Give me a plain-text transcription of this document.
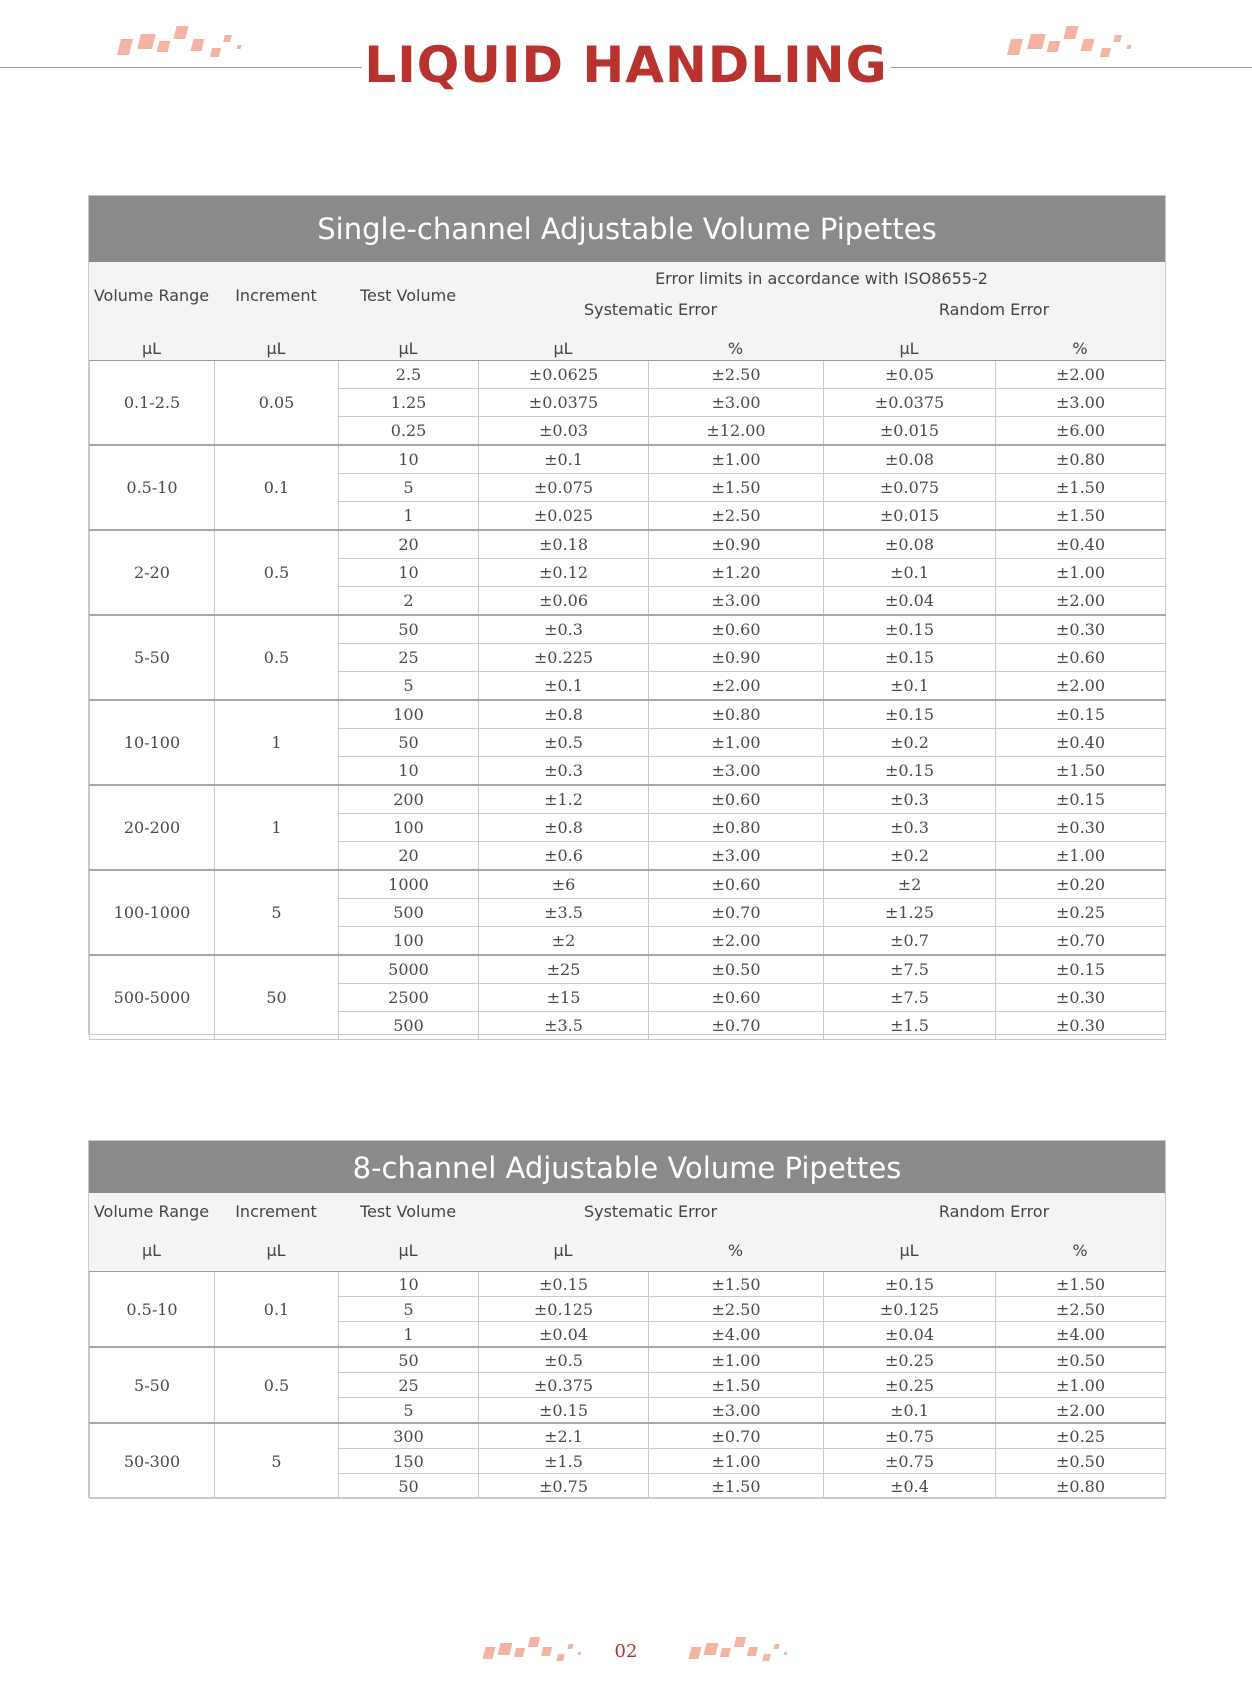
LIQUID HANDLING
Single-channel Adjustable Volume Pipettes
Volume Range	Increment	Test Volume
Error limits in accordance with ISO8655-2
Systematic Error	Random Error
µL	µL	µL	µL	%	µL	%
0.1-2.5	0.05	2.5	±0.0625	±2.50	±0.05	±2.00
		1.25	±0.0375	±3.00	±0.0375	±3.00
		0.25	±0.03	±12.00	±0.015	±6.00
0.5-10	0.1	10	±0.1	±1.00	±0.08	±0.80
		5	±0.075	±1.50	±0.075	±1.50
		1	±0.025	±2.50	±0.015	±1.50
2-20	0.5	20	±0.18	±0.90	±0.08	±0.40
		10	±0.12	±1.20	±0.1	±1.00
		2	±0.06	±3.00	±0.04	±2.00
5-50	0.5	50	±0.3	±0.60	±0.15	±0.30
		25	±0.225	±0.90	±0.15	±0.60
		5	±0.1	±2.00	±0.1	±2.00
10-100	1	100	±0.8	±0.80	±0.15	±0.15
		50	±0.5	±1.00	±0.2	±0.40
		10	±0.3	±3.00	±0.15	±1.50
20-200	1	200	±1.2	±0.60	±0.3	±0.15
		100	±0.8	±0.80	±0.3	±0.30
		20	±0.6	±3.00	±0.2	±1.00
100-1000	5	1000	±6	±0.60	±2	±0.20
		500	±3.5	±0.70	±1.25	±0.25
		100	±2	±2.00	±0.7	±0.70
500-5000	50	5000	±25	±0.50	±7.5	±0.15
		2500	±15	±0.60	±7.5	±0.30
		500	±3.5	±0.70	±1.5	±0.30
8-channel Adjustable Volume Pipettes
Volume Range	Increment	Test Volume	Systematic Error	Random Error
µL	µL	µL	µL	%	µL	%
0.5-10	0.1	10	±0.15	±1.50	±0.15	±1.50
		5	±0.125	±2.50	±0.125	±2.50
		1	±0.04	±4.00	±0.04	±4.00
5-50	0.5	50	±0.5	±1.00	±0.25	±0.50
		25	±0.375	±1.50	±0.25	±1.00
		5	±0.15	±3.00	±0.1	±2.00
50-300	5	300	±2.1	±0.70	±0.75	±0.25
		150	±1.5	±1.00	±0.75	±0.50
		50	±0.75	±1.50	±0.4	±0.80
02
